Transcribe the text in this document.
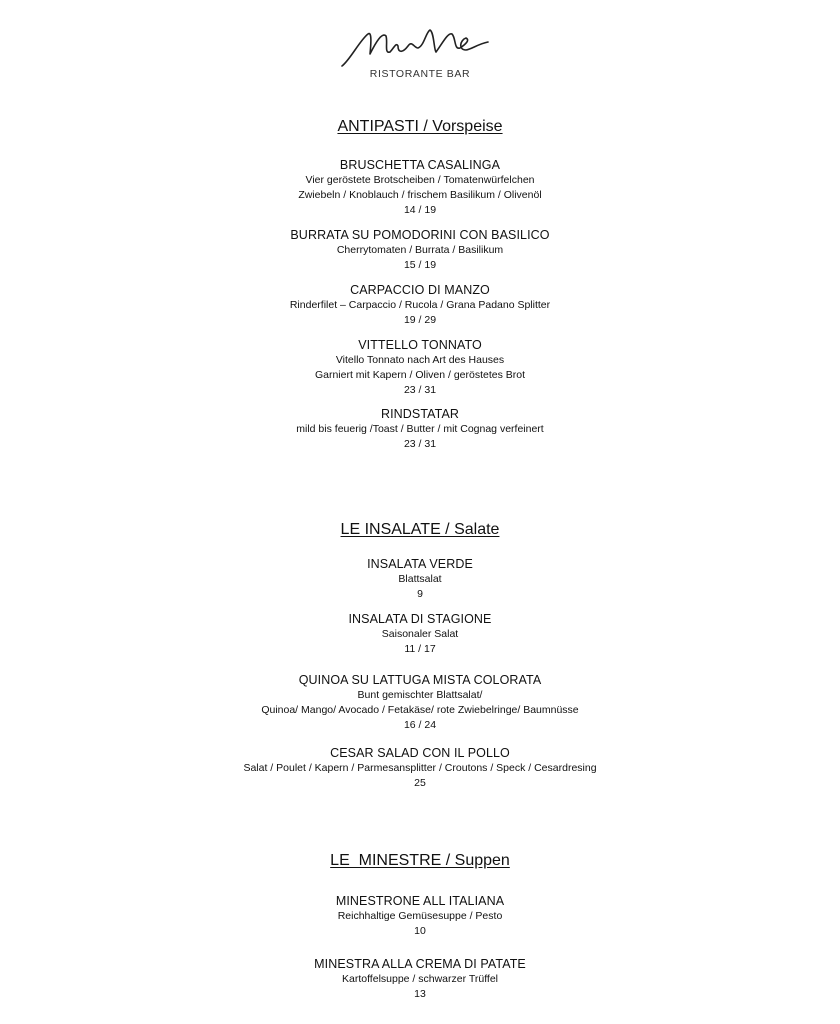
RISTORANTE BAR
ANTIPASTI / Vorspeise
BRUSCHETTA CASALINGA
Vier geröstete Brotscheiben / Tomatenwürfelchen
Zwiebeln / Knoblauch / frischem Basilikum / Olivenöl
14 / 19
BURRATA SU POMODORINI CON BASILICO
Cherrytomaten / Burrata / Basilikum
15 / 19
CARPACCIO DI MANZO
Rinderfilet – Carpaccio / Rucola / Grana Padano Splitter
19 / 29
VITTELLO TONNATO
Vitello Tonnato nach Art des Hauses
Garniert mit Kapern / Oliven / geröstetes Brot
23 / 31
RINDSTATAR
mild bis feuerig /Toast / Butter / mit Cognag verfeinert
23 / 31
LE INSALATE / Salate
INSALATA VERDE
Blattsalat
9
INSALATA DI STAGIONE
Saisonaler Salat
11 / 17
QUINOA SU LATTUGA MISTA COLORATA
Bunt gemischter Blattsalat/
Quinoa/ Mango/ Avocado / Fetakäse/ rote Zwiebelringe/ Baumnüsse
16 / 24
CESAR SALAD CON IL POLLO
Salat / Poulet / Kapern / Parmesansplitter / Croutons / Speck / Cesardresing
25
LE  MINESTRE / Suppen
MINESTRONE ALL ITALIANA
Reichhaltige Gemüsesuppe / Pesto
10
MINESTRA ALLA CREMA DI PATATE
Kartoffelsuppe / schwarzer Trüffel
13
